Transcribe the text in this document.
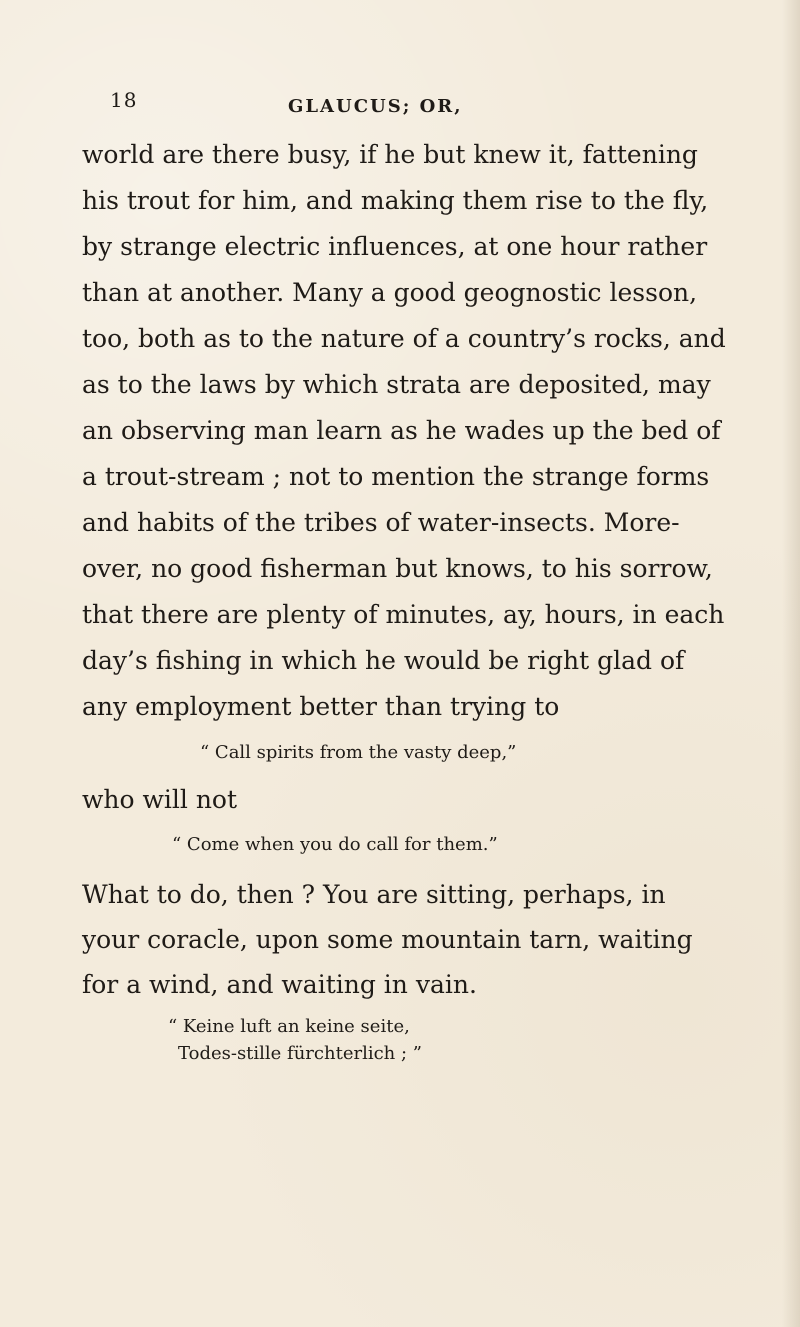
18	GLAUCUS; OR,
world are there busy, if he but knew it, fattening
his trout for him, and making them rise to the fly,
by strange electric influences, at one hour rather
than at another. Many a good geognostic lesson,
too, both as to the nature of a country’s rocks, and
as to the laws by which strata are deposited, may
an observing man learn as he wades up the bed of
a trout-stream ; not to mention the strange forms
and habits of the tribes of water-insects. More-
over, no good fisherman but knows, to his sorrow,
that there are plenty of minutes, ay, hours, in each
day’s fishing in which he would be right glad of
any employment better than trying to
“ Call spirits from the vasty deep,”
who will not
“ Come when you do call for them.”
What to do, then ? You are sitting, perhaps, in
your coracle, upon some mountain tarn, waiting
for a wind, and waiting in vain.
“ Keine luft an keine seite,
Todes-stille fürchterlich ; ”
